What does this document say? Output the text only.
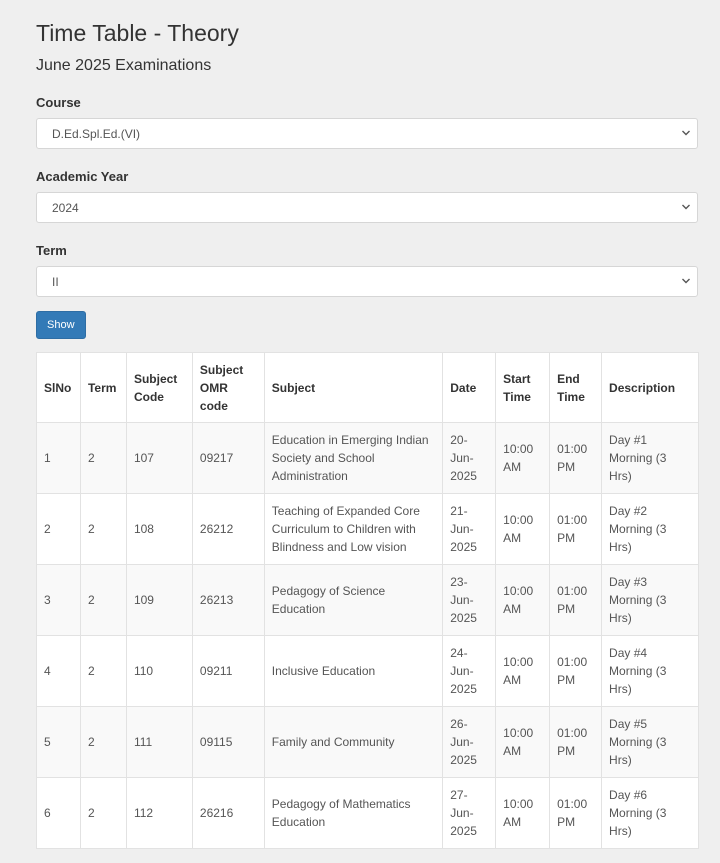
Time Table - Theory
June 2025 Examinations
Course
D.Ed.Spl.Ed.(VI)
Academic Year
2024
Term
II
Show
SlNo	Term	Subject Code	Subject OMR code	Subject	Date	Start Time	End Time	Description
1	2	107	09217	Education in Emerging Indian Society and School Administration	20-Jun-2025	10:00 AM	01:00 PM	Day #1 Morning (3 Hrs)
2	2	108	26212	Teaching of Expanded Core Curriculum to Children with Blindness and Low vision	21-Jun-2025	10:00 AM	01:00 PM	Day #2 Morning (3 Hrs)
3	2	109	26213	Pedagogy of Science Education	23-Jun-2025	10:00 AM	01:00 PM	Day #3 Morning (3 Hrs)
4	2	110	09211	Inclusive Education	24-Jun-2025	10:00 AM	01:00 PM	Day #4 Morning (3 Hrs)
5	2	111	09115	Family and Community	26-Jun-2025	10:00 AM	01:00 PM	Day #5 Morning (3 Hrs)
6	2	112	26216	Pedagogy of Mathematics Education	27-Jun-2025	10:00 AM	01:00 PM	Day #6 Morning (3 Hrs)
